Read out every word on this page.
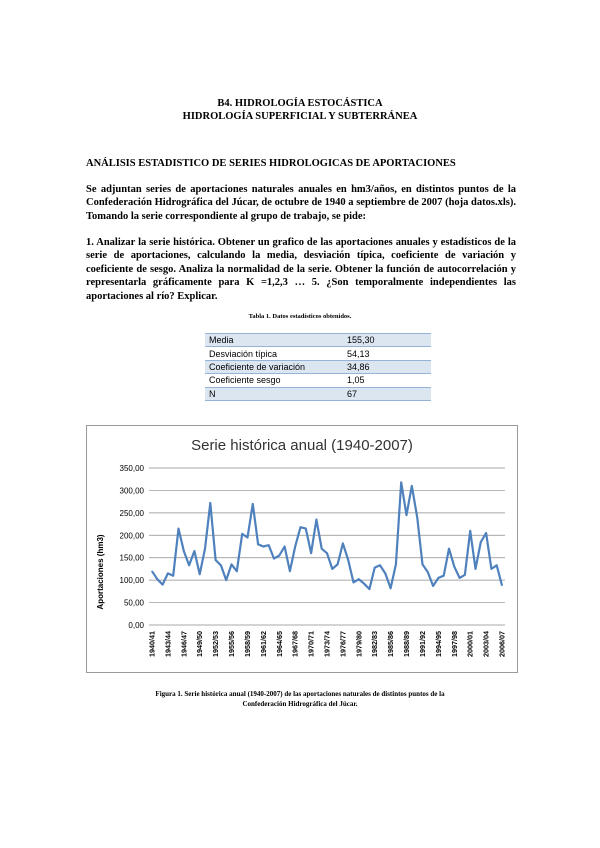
B4. HIDROLOGÍA ESTOCÁSTICA
HIDROLOGÍA SUPERFICIAL Y SUBTERRÁNEA
ANÁLISIS ESTADISTICO DE SERIES HIDROLOGICAS DE APORTACIONES
Se adjuntan series de aportaciones naturales anuales en hm3/años, en distintos puntos de la Confederación Hidrográfica del Júcar, de octubre de 1940 a septiembre de 2007 (hoja datos.xls). Tomando la serie correspondiente al grupo de trabajo, se pide:
1. Analizar la serie histórica. Obtener un grafico de las aportaciones anuales y estadísticos de la serie de aportaciones, calculando la media, desviación típica, coeficiente de variación y coeficiente de sesgo. Analiza la normalidad de la serie. Obtener la función de autocorrelación y representarla gráficamente para K =1,2,3 … 5. ¿Son temporalmente independientes las aportaciones al río? Explicar.
Tabla 1. Datos estadísticos obtenidos.
Media	155,30
Desviación típica	54,13
Coeficiente de variación	34,86
Coeficiente sesgo	1,05
N	67
Serie histórica anual (1940-2007)
Aportaciones (hm3)
0,00
50,00
100,00
150,00
200,00
250,00
300,00
350,00
1940/41 1943/44 1946/47 1949/50 1952/53 1955/56 1958/59 1961/62 1964/65 1967/68 1970/71 1973/74 1976/77 1979/80 1982/83 1985/86 1988/89 1991/92 1994/95 1997/98 2000/01 2003/04 2006/07
Figura 1. Serie histórica anual (1940-2007) de las aportaciones naturales de distintos puntos de la
Confederación Hidrográfica del Júcar.
